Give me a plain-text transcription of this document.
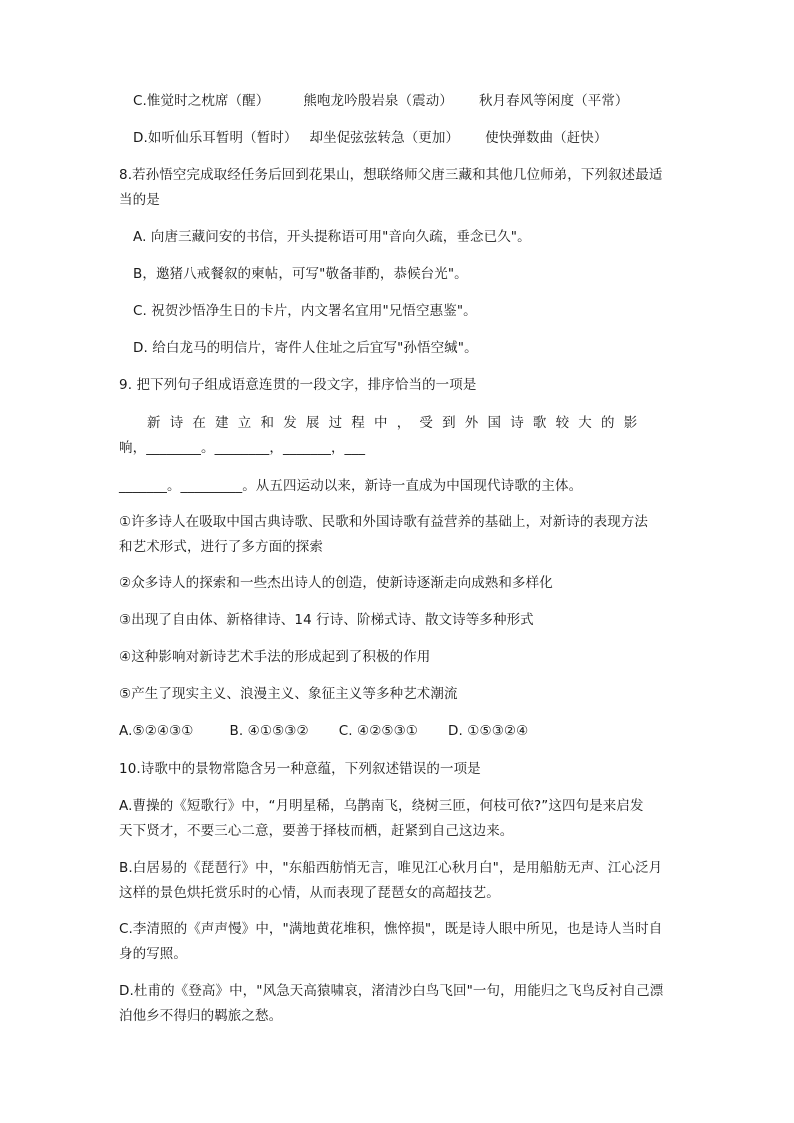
C.惟觉时之枕席（醒）	熊咆龙吟殷岩泉（震动） 秋月春风等闲度（平常）
D.如听仙乐耳暂明（暂时） 却坐促弦弦转急（更加） 使快弹数曲（赶快）
8.若孙悟空完成取经任务后回到花果山，想联络师父唐三藏和其他几位师弟，下列叙述最适
当的是
A. 向唐三藏问安的书信，开头提称语可用"音向久疏，垂念已久"。
B，邀猪八戒餐叙的柬帖，可写"敬备菲酌，恭候台光"。
C. 祝贺沙悟净生日的卡片，内文署名宜用"兄悟空惠鉴"。
D. 给白龙马的明信片，寄件人住址之后宜写"孙悟空缄"。
9. 把下列句子组成语意连贯的一段文字，排序恰当的一项是
新诗在建立和发展过程中，受到外国诗歌较大的影
响，________。________，_______，___
_______。_________。从五四运动以来，新诗一直成为中国现代诗歌的主体。
①许多诗人在吸取中国古典诗歌、民歌和外国诗歌有益营养的基础上，对新诗的表现方法
和艺术形式，进行了多方面的探索
②众多诗人的探索和一些杰出诗人的创造，使新诗逐渐走向成熟和多样化
③出现了自由体、新格律诗、14 行诗、阶梯式诗、散文诗等多种形式
④这种影响对新诗艺术手法的形成起到了积极的作用
⑤产生了现实主义、浪漫主义、象征主义等多种艺术潮流
A.⑤②④③①	B. ④①⑤③② C. ④②⑤③① D. ①⑤③②④
10.诗歌中的景物常隐含另一种意蕴，下列叙述错误的一项是
A.曹操的《短歌行》中，“月明星稀，乌鹊南飞，绕树三匝，何枝可依?”这四句是来启发
天下贤才，不要三心二意，要善于择枝而栖，赶紧到自己这边来。
B.白居易的《琵琶行》中，"东船西舫悄无言，唯见江心秋月白"，是用船舫无声、江心泛月
这样的景色烘托赏乐时的心情，从而表现了琵琶女的高超技艺。
C.李清照的《声声慢》中，"满地黄花堆积，憔悴损"，既是诗人眼中所见，也是诗人当时自
身的写照。
D.杜甫的《登高》中，"风急天高猿啸哀，渚清沙白鸟飞回"一句，用能归之飞鸟反衬自己漂
泊他乡不得归的羁旅之愁。
